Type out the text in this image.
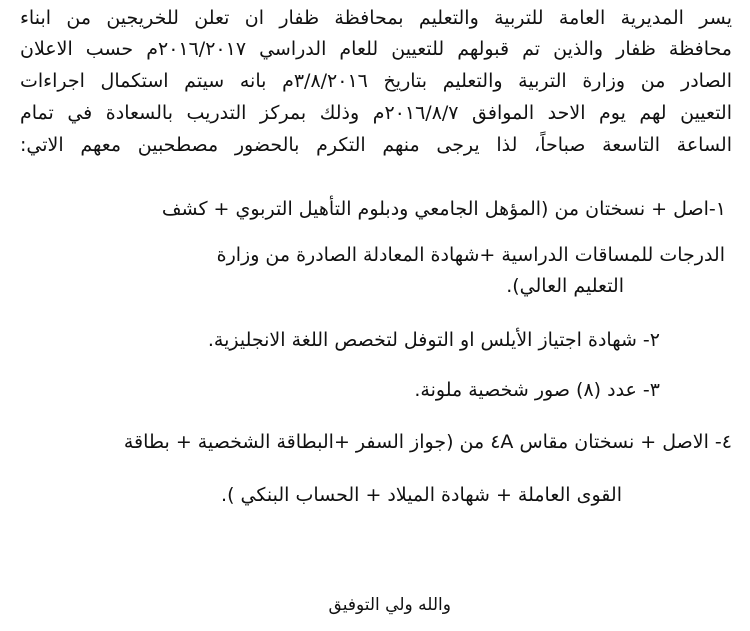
يسر المديرية العامة للتربية والتعليم بمحافظة ظفار ان تعلن للخريجين من ابناء
محافظة ظفار والذين تم قبولهم للتعيين للعام الدراسي ٢٠١٦/٢٠١٧م حسب الاعلان
الصادر من وزارة التربية والتعليم بتاريخ ٣/٨/٢٠١٦م بانه سيتم استكمال اجراءات
التعيين لهم يوم الاحد الموافق ٢٠١٦/٨/٧م وذلك بمركز التدريب بالسعادة في تمام
الساعة التاسعة صباحاً، لذا يرجى منهم التكرم بالحضور مصطحبين معهم الاتي:
١-اصل + نسختان من (المؤهل الجامعي ودبلوم التأهيل التربوي + كشف
الدرجات للمساقات الدراسية +شهادة المعادلة الصادرة من وزارة
التعليم العالي).
٢- شهادة اجتياز الأيلس او التوفل لتخصص اللغة الانجليزية.
٣- عدد (٨) صور شخصية ملونة.
٤- الاصل + نسختان مقاس ٤A من (جواز السفر +البطاقة الشخصية + بطاقة
القوى العاملة + شهادة الميلاد + الحساب البنكي ).
والله ولي التوفيق
